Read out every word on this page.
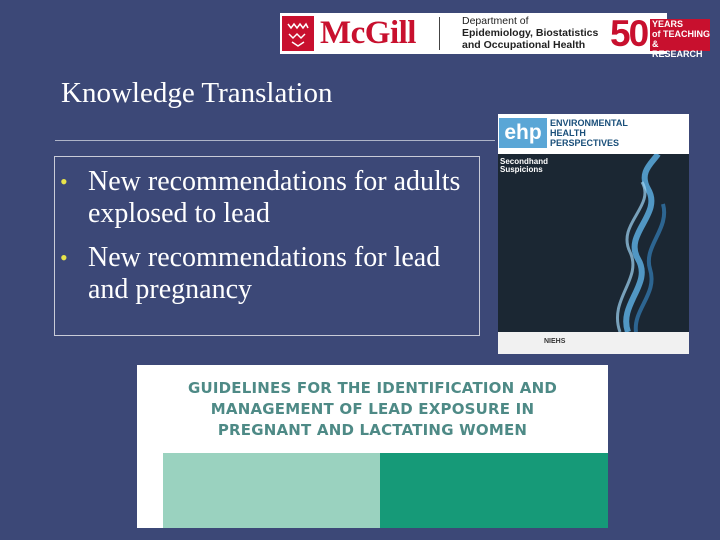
McGill	Department of
Epidemiology, Biostatistics
and Occupational Health 50 YEARS
of TEACHING
& RESEARCH
Knowledge Translation
• New recommendations for adults explosed to lead
• New recommendations for lead and pregnancy
ehp ENVIRONMENTAL
HEALTH
PERSPECTIVES
Secondhand
Suspicions
NIEHS
GUIDELINES FOR THE IDENTIFICATION AND
MANAGEMENT OF LEAD EXPOSURE IN
PREGNANT AND LACTATING WOMEN
